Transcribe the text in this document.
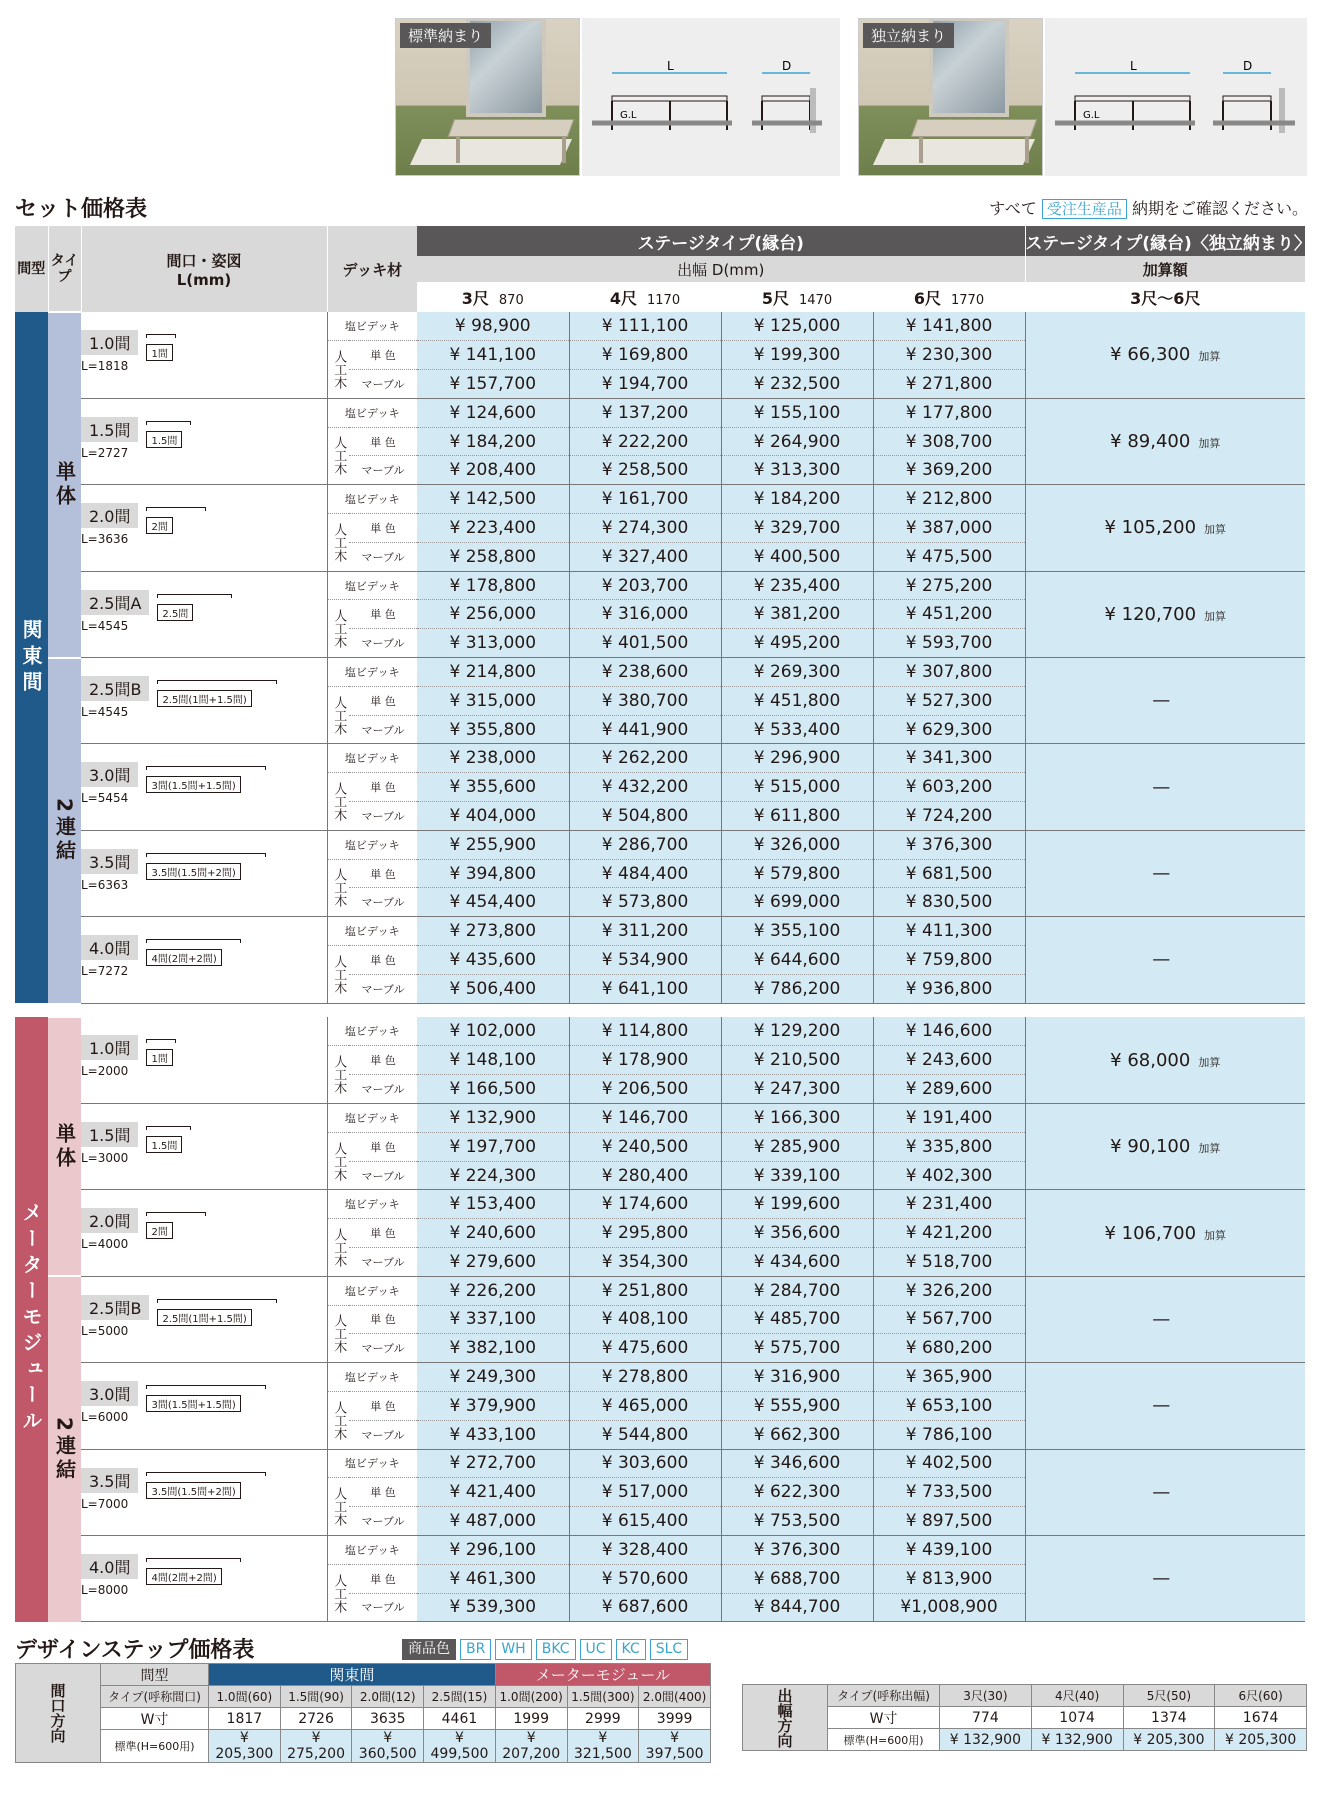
標準納まり
L
G.L
D
独立納まり
L
G.L
D
セット価格表	すべて 受注生産品 納期をご確認ください。
間型	タイプ	間口・姿図
L(mm)	デッキ材		ステージタイプ(縁台)				ステージタイプ(縁台)〈独立納まり〉
					出幅 D(mm)				加算額
					3尺 870	4尺 1170	5尺 1470	6尺 1770	3尺〜6尺

関東間	単体	1.0間
L=1818
1間	塩ビデッキ		¥ 98,900	¥ 111,100	¥ 125,000	¥ 141,800	¥ 66,300 加算

			人工木	単 色	¥ 141,100	¥ 169,800	¥ 199,300	¥ 230,300	
				マーブル	¥ 157,700	¥ 194,700	¥ 232,500	¥ 271,800	
		1.5間
L=2727
1.5間	塩ビデッキ		¥ 124,600	¥ 137,200	¥ 155,100	¥ 177,800	¥ 89,400 加算

			人工木	単 色	¥ 184,200	¥ 222,200	¥ 264,900	¥ 308,700	
				マーブル	¥ 208,400	¥ 258,500	¥ 313,300	¥ 369,200	
		2.0間
L=3636
2間	塩ビデッキ		¥ 142,500	¥ 161,700	¥ 184,200	¥ 212,800	¥ 105,200 加算

			人工木	単 色	¥ 223,400	¥ 274,300	¥ 329,700	¥ 387,000	
				マーブル	¥ 258,800	¥ 327,400	¥ 400,500	¥ 475,500	
		2.5間A
L=4545
2.5間	塩ビデッキ		¥ 178,800	¥ 203,700	¥ 235,400	¥ 275,200	¥ 120,700 加算

			人工木	単 色	¥ 256,000	¥ 316,000	¥ 381,200	¥ 451,200	
				マーブル	¥ 313,000	¥ 401,500	¥ 495,200	¥ 593,700	

	2連結	2.5間B
L=4545
2.5間(1間+1.5間)	塩ビデッキ		¥ 214,800	¥ 238,600	¥ 269,300	¥ 307,800	—

			人工木	単 色	¥ 315,000	¥ 380,700	¥ 451,800	¥ 527,300	
				マーブル	¥ 355,800	¥ 441,900	¥ 533,400	¥ 629,300	
		3.0間
L=5454
3間(1.5間+1.5間)	塩ビデッキ		¥ 238,000	¥ 262,200	¥ 296,900	¥ 341,300	—

			人工木	単 色	¥ 355,600	¥ 432,200	¥ 515,000	¥ 603,200	
				マーブル	¥ 404,000	¥ 504,800	¥ 611,800	¥ 724,200	
		3.5間
L=6363
3.5間(1.5間+2間)	塩ビデッキ		¥ 255,900	¥ 286,700	¥ 326,000	¥ 376,300	—

			人工木	単 色	¥ 394,800	¥ 484,400	¥ 579,800	¥ 681,500	
				マーブル	¥ 454,400	¥ 573,800	¥ 699,000	¥ 830,500	
		4.0間
L=7272
4間(2間+2間)	塩ビデッキ		¥ 273,800	¥ 311,200	¥ 355,100	¥ 411,300	—

			人工木	単 色	¥ 435,600	¥ 534,900	¥ 644,600	¥ 759,800	
				マーブル	¥ 506,400	¥ 641,100	¥ 786,200	¥ 936,800	

メーターモジュール	単体	1.0間
L=2000
1間	塩ビデッキ		¥ 102,000	¥ 114,800	¥ 129,200	¥ 146,600	¥ 68,000 加算

			人工木	単 色	¥ 148,100	¥ 178,900	¥ 210,500	¥ 243,600	
				マーブル	¥ 166,500	¥ 206,500	¥ 247,300	¥ 289,600	
		1.5間
L=3000
1.5間	塩ビデッキ		¥ 132,900	¥ 146,700	¥ 166,300	¥ 191,400	¥ 90,100 加算

			人工木	単 色	¥ 197,700	¥ 240,500	¥ 285,900	¥ 335,800	
				マーブル	¥ 224,300	¥ 280,400	¥ 339,100	¥ 402,300	
		2.0間
L=4000
2間	塩ビデッキ		¥ 153,400	¥ 174,600	¥ 199,600	¥ 231,400	¥ 106,700 加算

			人工木	単 色	¥ 240,600	¥ 295,800	¥ 356,600	¥ 421,200	
				マーブル	¥ 279,600	¥ 354,300	¥ 434,600	¥ 518,700	

	2連結	2.5間B
L=5000
2.5間(1間+1.5間)	塩ビデッキ		¥ 226,200	¥ 251,800	¥ 284,700	¥ 326,200	—

			人工木	単 色	¥ 337,100	¥ 408,100	¥ 485,700	¥ 567,700	
				マーブル	¥ 382,100	¥ 475,600	¥ 575,700	¥ 680,200	
		3.0間
L=6000
3間(1.5間+1.5間)	塩ビデッキ		¥ 249,300	¥ 278,800	¥ 316,900	¥ 365,900	—

			人工木	単 色	¥ 379,900	¥ 465,000	¥ 555,900	¥ 653,100	
				マーブル	¥ 433,100	¥ 544,800	¥ 662,300	¥ 786,100	
		3.5間
L=7000
3.5間(1.5間+2間)	塩ビデッキ		¥ 272,700	¥ 303,600	¥ 346,600	¥ 402,500	—

			人工木	単 色	¥ 421,400	¥ 517,000	¥ 622,300	¥ 733,500	
				マーブル	¥ 487,000	¥ 615,400	¥ 753,500	¥ 897,500	
		4.0間
L=8000
4間(2間+2間)	塩ビデッキ		¥ 296,100	¥ 328,400	¥ 376,300	¥ 439,100	—

			人工木	単 色	¥ 461,300	¥ 570,600	¥ 688,700	¥ 813,900	
				マーブル	¥ 539,300	¥ 687,600	¥ 844,700	¥1,008,900	
デザインステップ価格表	商品色	BR	WH	BKC	UC	KC	SLC
間口方向	間型	関東間				メーターモジュール		
	タイプ(呼称間口)	1.0間(60)	1.5間(90)	2.0間(12)	2.5間(15)	1.0間(200)	1.5間(300)	2.0間(400)
	W寸	1817	2726	3635	4461	1999	2999	3999
	標準(H=600用)	¥ 205,300	¥ 275,200	¥ 360,500	¥ 499,500	¥ 207,200	¥ 321,500	¥ 397,500
出幅方向	タイプ(呼称出幅)	3尺(30)	4尺(40)	5尺(50)	6尺(60)
	W寸	774	1074	1374	1674
	標準(H=600用)	¥ 132,900	¥ 132,900	¥ 205,300	¥ 205,300
